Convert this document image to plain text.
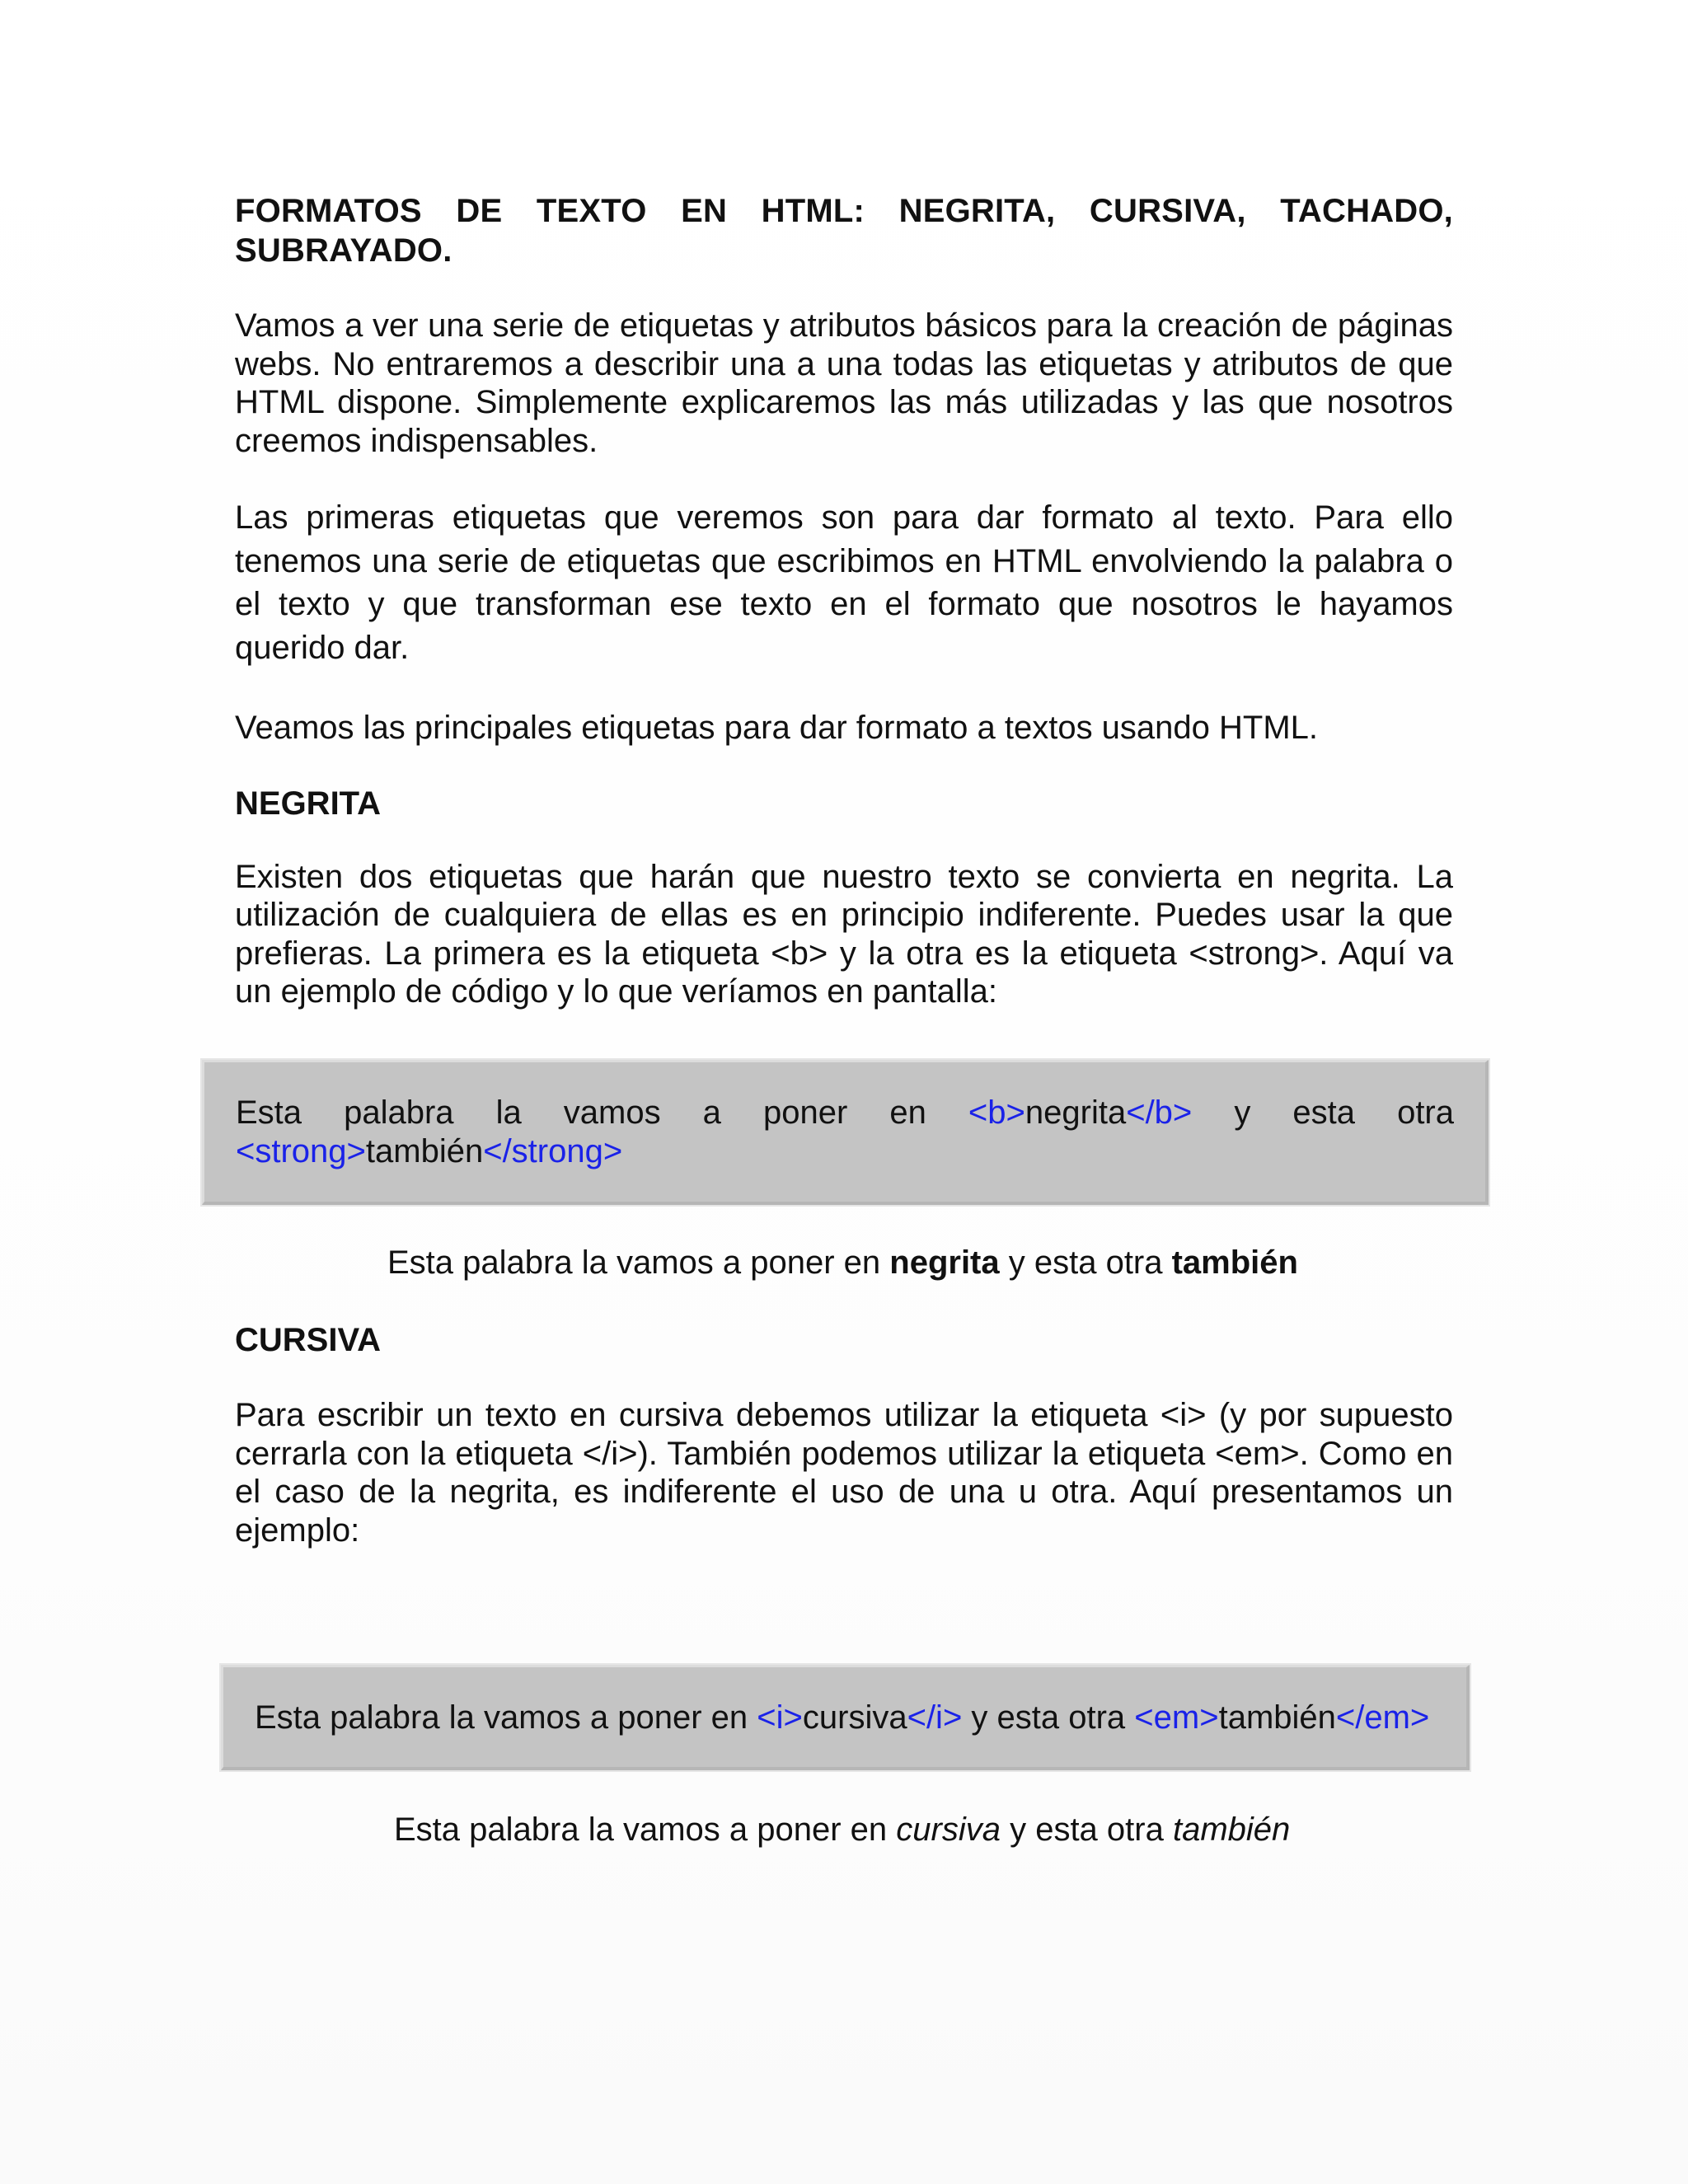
FORMATOS DE TEXTO EN HTML: NEGRITA, CURSIVA, TACHADO, SUBRAYADO.

Vamos a ver una serie de etiquetas y atributos básicos para la creación de páginas webs. No entraremos a describir una a una todas las etiquetas y atributos de que HTML dispone. Simplemente explicaremos las más utilizadas y las que nosotros creemos indispensables.

Las primeras etiquetas que veremos son para dar formato al texto. Para ello tenemos una serie de etiquetas que escribimos en HTML envolviendo la palabra o el texto y que transforman ese texto en el formato que nosotros le hayamos querido dar.

Veamos las principales etiquetas para dar formato a textos usando HTML.

NEGRITA

Existen dos etiquetas que harán que nuestro texto se convierta en negrita. La utilización de cualquiera de ellas es en principio indiferente. Puedes usar la que prefieras. La primera es la etiqueta <b> y la otra es la etiqueta <strong>. Aquí va un ejemplo de código y lo que veríamos en pantalla:

Esta palabra la vamos a poner en <b>negrita</b> y esta otra <strong>también</strong>
Esta palabra la vamos a poner en negrita y esta otra también

CURSIVA

Para escribir un texto en cursiva debemos utilizar la etiqueta <i> (y por supuesto cerrarla con la etiqueta </i>). También podemos utilizar la etiqueta <em>. Como en el caso de la negrita, es indiferente el uso de una u otra. Aquí presentamos un ejemplo:

Esta palabra la vamos a poner en <i>cursiva</i> y esta otra <em>también</em>
Esta palabra la vamos a poner en cursiva y esta otra también
